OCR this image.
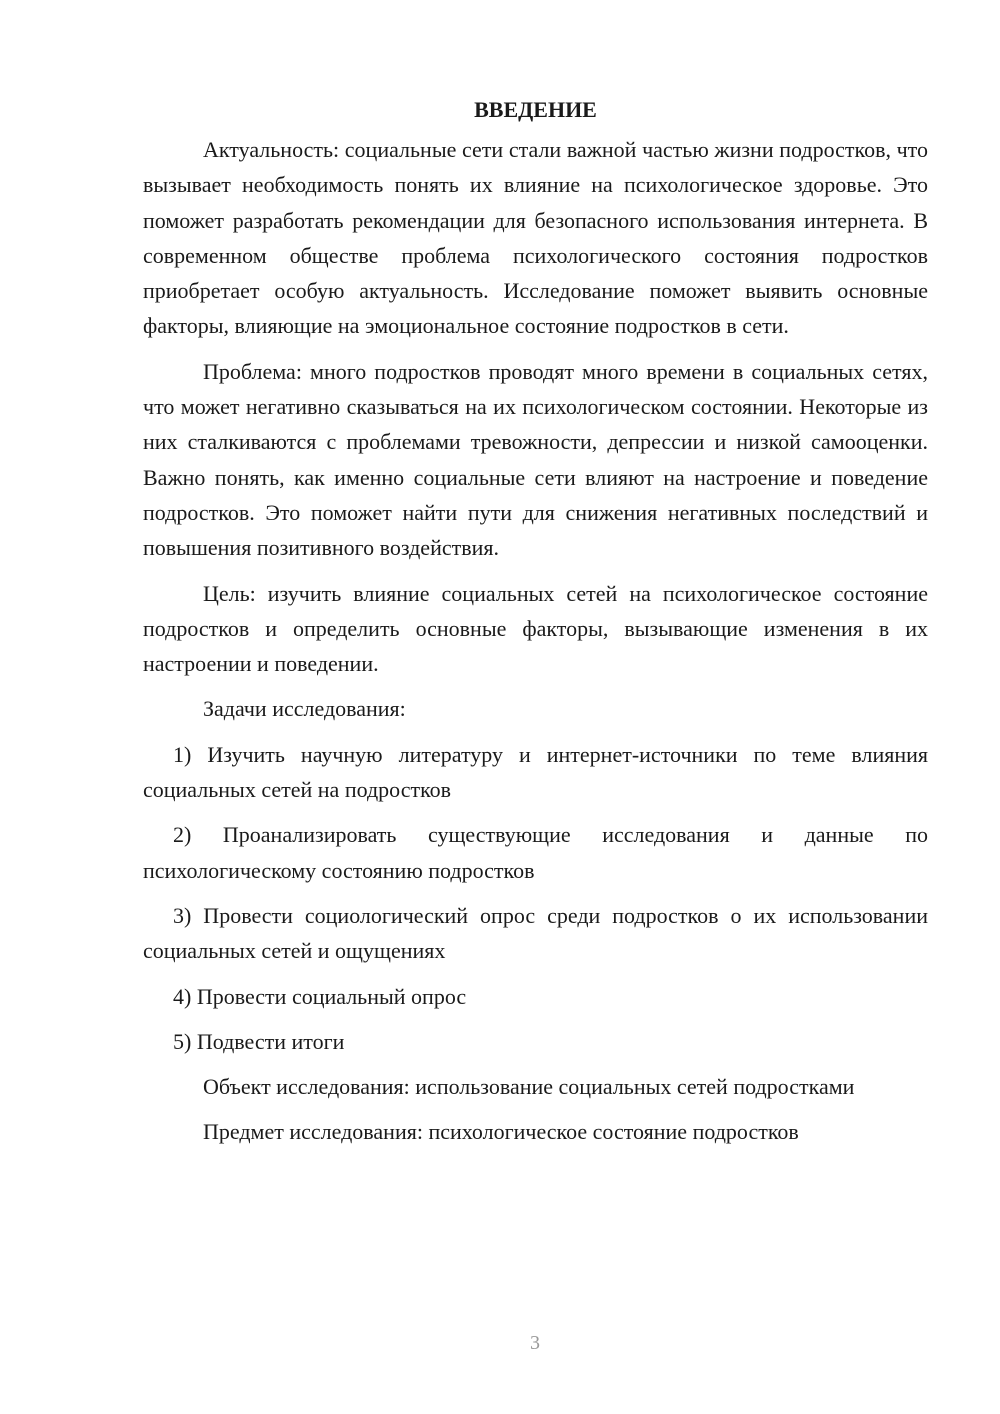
ВВЕДЕНИЕ

Актуальность: социальные сети стали важной частью жизни подростков, что вызывает необходимость понять их влияние на психологическое здоровье. Это поможет разработать рекомендации для безопасного использования интернета. В современном обществе проблема психологического состояния подростков приобретает особую актуальность. Исследование поможет выявить основные факторы, влияющие на эмоциональное состояние подростков в сети.

Проблема: много подростков проводят много времени в социальных сетях, что может негативно сказываться на их психологическом состоянии. Некоторые из них сталкиваются с проблемами тревожности, депрессии и низкой самооценки. Важно понять, как именно социальные сети влияют на настроение и поведение подростков. Это поможет найти пути для снижения негативных последствий и повышения позитивного воздействия.

Цель: изучить влияние социальных сетей на психологическое состояние подростков и определить основные факторы, вызывающие изменения в их настроении и поведении.

Задачи исследования:

1) Изучить научную литературу и интернет-источники по теме влияния социальных сетей на подростков

2) Проанализировать существующие исследования и данные по психологическому состоянию подростков

3) Провести социологический опрос среди подростков о их использовании социальных сетей и ощущениях

4) Провести социальный опрос

5) Подвести итоги

Объект исследования: использование социальных сетей подростками

Предмет исследования: психологическое состояние подростков

3
